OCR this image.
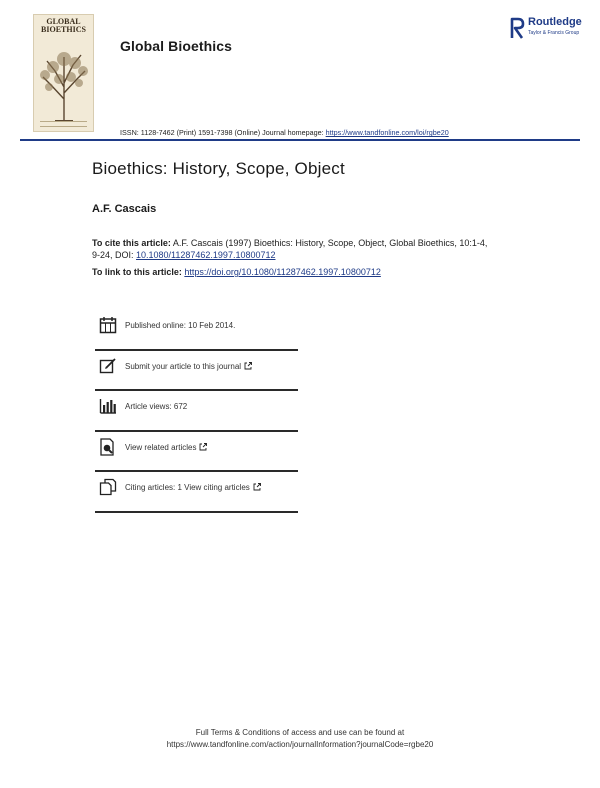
GLOBAL
BIOETHICS
Global Bioethics
Routledge
Taylor & Francis Group
ISSN: 1128-7462 (Print) 1591-7398 (Online) Journal homepage: https://www.tandfonline.com/loi/rgbe20
Bioethics: History, Scope, Object
A.F. Cascais
To cite this article: A.F. Cascais (1997) Bioethics: History, Scope, Object, Global Bioethics, 10:1-4, 9-24, DOI: 10.1080/11287462.1997.10800712
To link to this article: https://doi.org/10.1080/11287462.1997.10800712
Published online: 10 Feb 2014.
Submit your article to this journal
Article views: 672
View related articles
Citing articles: 1 View citing articles
Full Terms & Conditions of access and use can be found at
https://www.tandfonline.com/action/journalInformation?journalCode=rgbe20
